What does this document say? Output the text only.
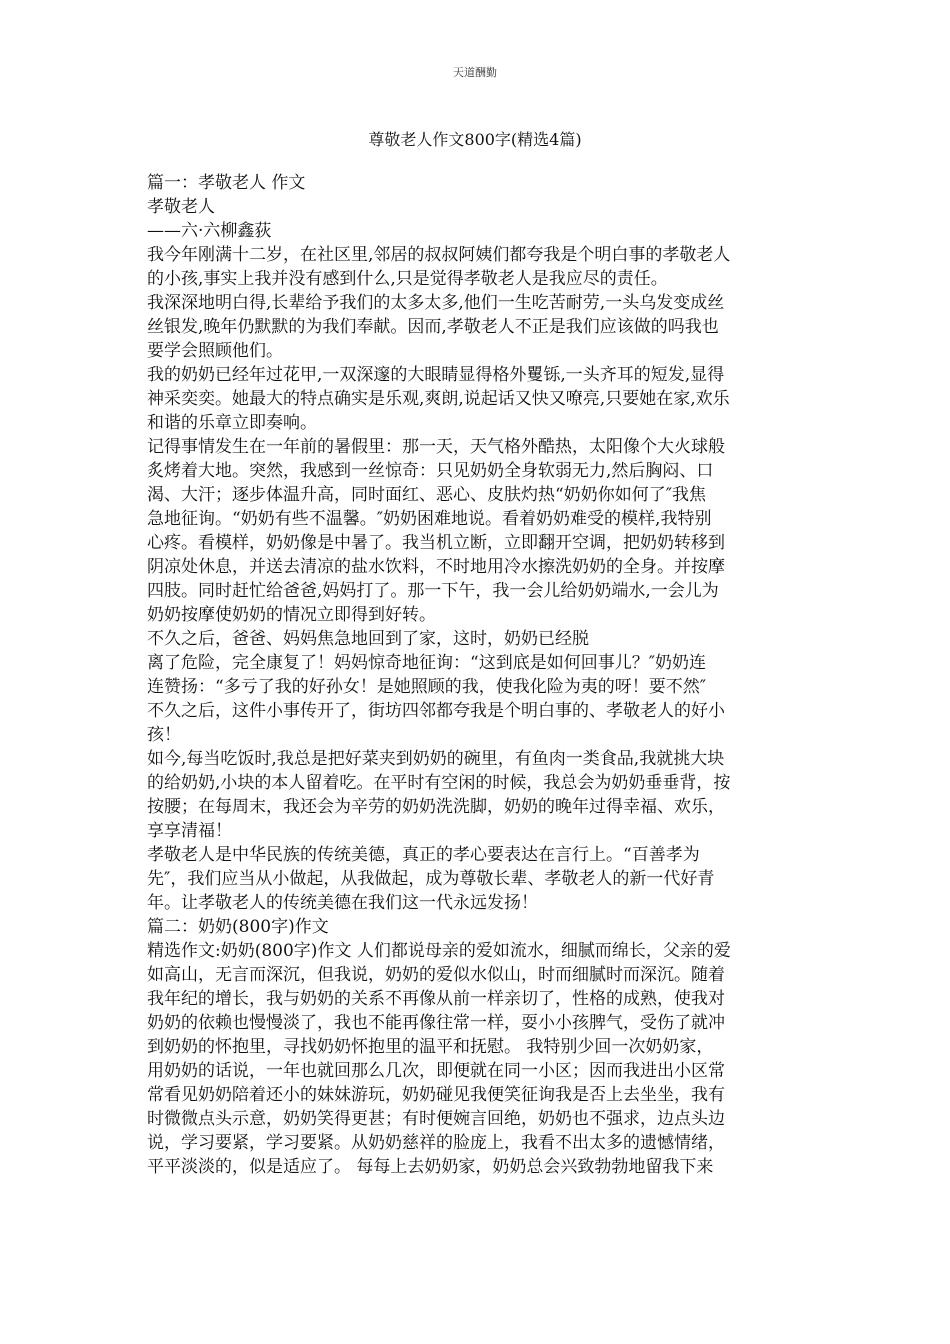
天道酬勤
尊敬老人作文800字(精选4篇)
篇一：孝敬老人 作文
孝敬老人
——六·六柳鑫荻
我今年刚满十二岁，在社区里,邻居的叔叔阿姨们都夸我是个明白事的孝敬老人
的小孩,事实上我并没有感到什么,只是觉得孝敬老人是我应尽的责任。
我深深地明白得,长辈给予我们的太多太多,他们一生吃苦耐劳,一头乌发变成丝
丝银发,晚年仍默默的为我们奉献。因而,孝敬老人不正是我们应该做的吗我也
要学会照顾他们。
我的奶奶已经年过花甲,一双深邃的大眼睛显得格外矍铄,一头齐耳的短发,显得
神采奕奕。她最大的特点确实是乐观,爽朗,说起话又快又嘹亮,只要她在家,欢乐
和谐的乐章立即奏响。
记得事情发生在一年前的暑假里：那一天，天气格外酷热，太阳像个大火球般
炙烤着大地。突然，我感到一丝惊奇：只见奶奶全身软弱无力,然后胸闷、口
渴、大汗；逐步体温升高，同时面红、恶心、皮肤灼热“奶奶你如何了″我焦
急地征询。“奶奶有些不温馨。″奶奶困难地说。看着奶奶难受的模样,我特别
心疼。看模样，奶奶像是中暑了。我当机立断，立即翻开空调，把奶奶转移到
阴凉处休息，并送去清凉的盐水饮料，不时地用冷水擦洗奶奶的全身。并按摩
四肢。同时赶忙给爸爸,妈妈打了。那一下午，我一会儿给奶奶端水,一会儿为
奶奶按摩使奶奶的情况立即得到好转。
不久之后，爸爸、妈妈焦急地回到了家，这时，奶奶已经脱
离了危险，完全康复了！妈妈惊奇地征询：“这到底是如何回事儿？″奶奶连
连赞扬：“多亏了我的好孙女！是她照顾的我，使我化险为夷的呀！要不然″
不久之后，这件小事传开了，街坊四邻都夸我是个明白事的、孝敬老人的好小
孩！
如今,每当吃饭时,我总是把好菜夹到奶奶的碗里，有鱼肉一类食品,我就挑大块
的给奶奶,小块的本人留着吃。在平时有空闲的时候，我总会为奶奶垂垂背，按
按腰；在每周末，我还会为辛劳的奶奶洗洗脚，奶奶的晚年过得幸福、欢乐，
享享清福！
孝敬老人是中华民族的传统美德，真正的孝心要表达在言行上。“百善孝为
先″，我们应当从小做起，从我做起，成为尊敬长辈、孝敬老人的新一代好青
年。让孝敬老人的传统美德在我们这一代永远发扬！
篇二：奶奶(800字)作文
精选作文:奶奶(800字)作文 人们都说母亲的爱如流水，细腻而绵长，父亲的爱
如高山，无言而深沉，但我说，奶奶的爱似水似山，时而细腻时而深沉。随着
我年纪的增长，我与奶奶的关系不再像从前一样亲切了，性格的成熟，使我对
奶奶的依赖也慢慢淡了，我也不能再像往常一样，耍小小孩脾气，受伤了就冲
到奶奶的怀抱里，寻找奶奶怀抱里的温平和抚慰。 我特别少回一次奶奶家，
用奶奶的话说，一年也就回那么几次，即便就在同一小区；因而我进出小区常
常看见奶奶陪着还小的妹妹游玩，奶奶碰见我便笑征询我是否上去坐坐，我有
时微微点头示意，奶奶笑得更甚；有时便婉言回绝，奶奶也不强求，边点头边
说，学习要紧，学习要紧。从奶奶慈祥的脸庞上，我看不出太多的遗憾情绪，
平平淡淡的，似是适应了。 每每上去奶奶家，奶奶总会兴致勃勃地留我下来
